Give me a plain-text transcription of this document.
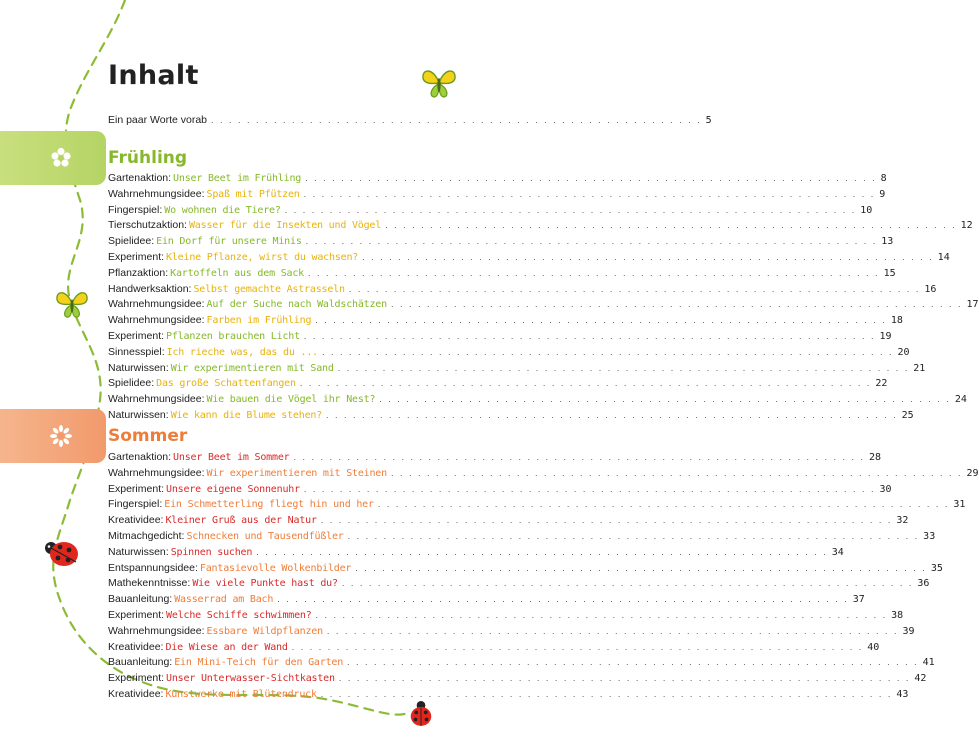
Inhalt
Ein paar Worte vorab . . . . . . . . . . . . . . . . . . . . . . . . . . . . . . . . . . . . . . . . . . . . . . . . . . . . . . . 5
Frühling
Gartenaktion: Unser Beet im Frühling . . . . . . . . . . . . . . . . . . . . . . . . . . . . . . . . . . . . . . . . . . . . . . . . . . . . . . . . . . . . . . . . 8
Wahrnehmungsidee: Spaß mit Pfützen . . . . . . . . . . . . . . . . . . . . . . . . . . . . . . . . . . . . . . . . . . . . . . . . . . . . . . . . . . . . . . . . 9
Fingerspiel: Wo wohnen die Tiere? . . . . . . . . . . . . . . . . . . . . . . . . . . . . . . . . . . . . . . . . . . . . . . . . . . . . . . . . . . . . . . . . 10
Tierschutzaktion: Wasser für die Insekten und Vögel . . . . . . . . . . . . . . . . . . . . . . . . . . . . . . . . . . . . . . . . . . . . . . . . . . . . . . . . . . . . . . . . 12
Spielidee: Ein Dorf für unsere Minis . . . . . . . . . . . . . . . . . . . . . . . . . . . . . . . . . . . . . . . . . . . . . . . . . . . . . . . . . . . . . . . . 13
Experiment: Kleine Pflanze, wirst du wachsen? . . . . . . . . . . . . . . . . . . . . . . . . . . . . . . . . . . . . . . . . . . . . . . . . . . . . . . . . . . . . . . . . 14
Pflanzaktion: Kartoffeln aus dem Sack . . . . . . . . . . . . . . . . . . . . . . . . . . . . . . . . . . . . . . . . . . . . . . . . . . . . . . . . . . . . . . . . 15
Handwerksaktion: Selbst gemachte Astrasseln . . . . . . . . . . . . . . . . . . . . . . . . . . . . . . . . . . . . . . . . . . . . . . . . . . . . . . . . . . . . . . . . 16
Wahrnehmungsidee: Auf der Suche nach Waldschätzen . . . . . . . . . . . . . . . . . . . . . . . . . . . . . . . . . . . . . . . . . . . . . . . . . . . . . . . . . . . . . . . . 17
Wahrnehmungsidee: Farben im Frühling . . . . . . . . . . . . . . . . . . . . . . . . . . . . . . . . . . . . . . . . . . . . . . . . . . . . . . . . . . . . . . . . 18
Experiment: Pflanzen brauchen Licht . . . . . . . . . . . . . . . . . . . . . . . . . . . . . . . . . . . . . . . . . . . . . . . . . . . . . . . . . . . . . . . . 19
Sinnesspiel: Ich rieche was, das du ... . . . . . . . . . . . . . . . . . . . . . . . . . . . . . . . . . . . . . . . . . . . . . . . . . . . . . . . . . . . . . . . . 20
Naturwissen: Wir experimentieren mit Sand . . . . . . . . . . . . . . . . . . . . . . . . . . . . . . . . . . . . . . . . . . . . . . . . . . . . . . . . . . . . . . . . 21
Spielidee: Das große Schattenfangen . . . . . . . . . . . . . . . . . . . . . . . . . . . . . . . . . . . . . . . . . . . . . . . . . . . . . . . . . . . . . . . . 22
Wahrnehmungsidee: Wie bauen die Vögel ihr Nest? . . . . . . . . . . . . . . . . . . . . . . . . . . . . . . . . . . . . . . . . . . . . . . . . . . . . . . . . . . . . . . . . 24
Naturwissen: Wie kann die Blume stehen? . . . . . . . . . . . . . . . . . . . . . . . . . . . . . . . . . . . . . . . . . . . . . . . . . . . . . . . . . . . . . . . . 25
Sommer
Gartenaktion: Unser Beet im Sommer . . . . . . . . . . . . . . . . . . . . . . . . . . . . . . . . . . . . . . . . . . . . . . . . . . . . . . . . . . . . . . . . 28
Wahrnehmungsidee: Wir experimentieren mit Steinen . . . . . . . . . . . . . . . . . . . . . . . . . . . . . . . . . . . . . . . . . . . . . . . . . . . . . . . . . . . . . . . . 29
Experiment: Unsere eigene Sonnenuhr . . . . . . . . . . . . . . . . . . . . . . . . . . . . . . . . . . . . . . . . . . . . . . . . . . . . . . . . . . . . . . . . 30
Fingerspiel: Ein Schmetterling fliegt hin und her . . . . . . . . . . . . . . . . . . . . . . . . . . . . . . . . . . . . . . . . . . . . . . . . . . . . . . . . . . . . . . . . 31
Kreatividee: Kleiner Gruß aus der Natur . . . . . . . . . . . . . . . . . . . . . . . . . . . . . . . . . . . . . . . . . . . . . . . . . . . . . . . . . . . . . . . . 32
Mitmachgedicht: Schnecken und Tausendfüßler . . . . . . . . . . . . . . . . . . . . . . . . . . . . . . . . . . . . . . . . . . . . . . . . . . . . . . . . . . . . . . . . 33
Naturwissen: Spinnen suchen . . . . . . . . . . . . . . . . . . . . . . . . . . . . . . . . . . . . . . . . . . . . . . . . . . . . . . . . . . . . . . . . 34
Entspannungsidee: Fantasievolle Wolkenbilder . . . . . . . . . . . . . . . . . . . . . . . . . . . . . . . . . . . . . . . . . . . . . . . . . . . . . . . . . . . . . . . . 35
Mathekenntnisse: Wie viele Punkte hast du? . . . . . . . . . . . . . . . . . . . . . . . . . . . . . . . . . . . . . . . . . . . . . . . . . . . . . . . . . . . . . . . . 36
Bauanleitung: Wasserrad am Bach . . . . . . . . . . . . . . . . . . . . . . . . . . . . . . . . . . . . . . . . . . . . . . . . . . . . . . . . . . . . . . . . 37
Experiment: Welche Schiffe schwimmen? . . . . . . . . . . . . . . . . . . . . . . . . . . . . . . . . . . . . . . . . . . . . . . . . . . . . . . . . . . . . . . . . 38
Wahrnehmungsidee: Essbare Wildpflanzen . . . . . . . . . . . . . . . . . . . . . . . . . . . . . . . . . . . . . . . . . . . . . . . . . . . . . . . . . . . . . . . . 39
Kreatividee: Die Wiese an der Wand . . . . . . . . . . . . . . . . . . . . . . . . . . . . . . . . . . . . . . . . . . . . . . . . . . . . . . . . . . . . . . . . 40
Bauanleitung: Ein Mini-Teich für den Garten . . . . . . . . . . . . . . . . . . . . . . . . . . . . . . . . . . . . . . . . . . . . . . . . . . . . . . . . . . . . . . . . 41
Experiment: Unser Unterwasser-Sichtkasten . . . . . . . . . . . . . . . . . . . . . . . . . . . . . . . . . . . . . . . . . . . . . . . . . . . . . . . . . . . . . . . . 42
Kreatividee: Kunstwerke mit Blütendruck . . . . . . . . . . . . . . . . . . . . . . . . . . . . . . . . . . . . . . . . . . . . . . . . . . . . . . . . . . . . . . . . 43
